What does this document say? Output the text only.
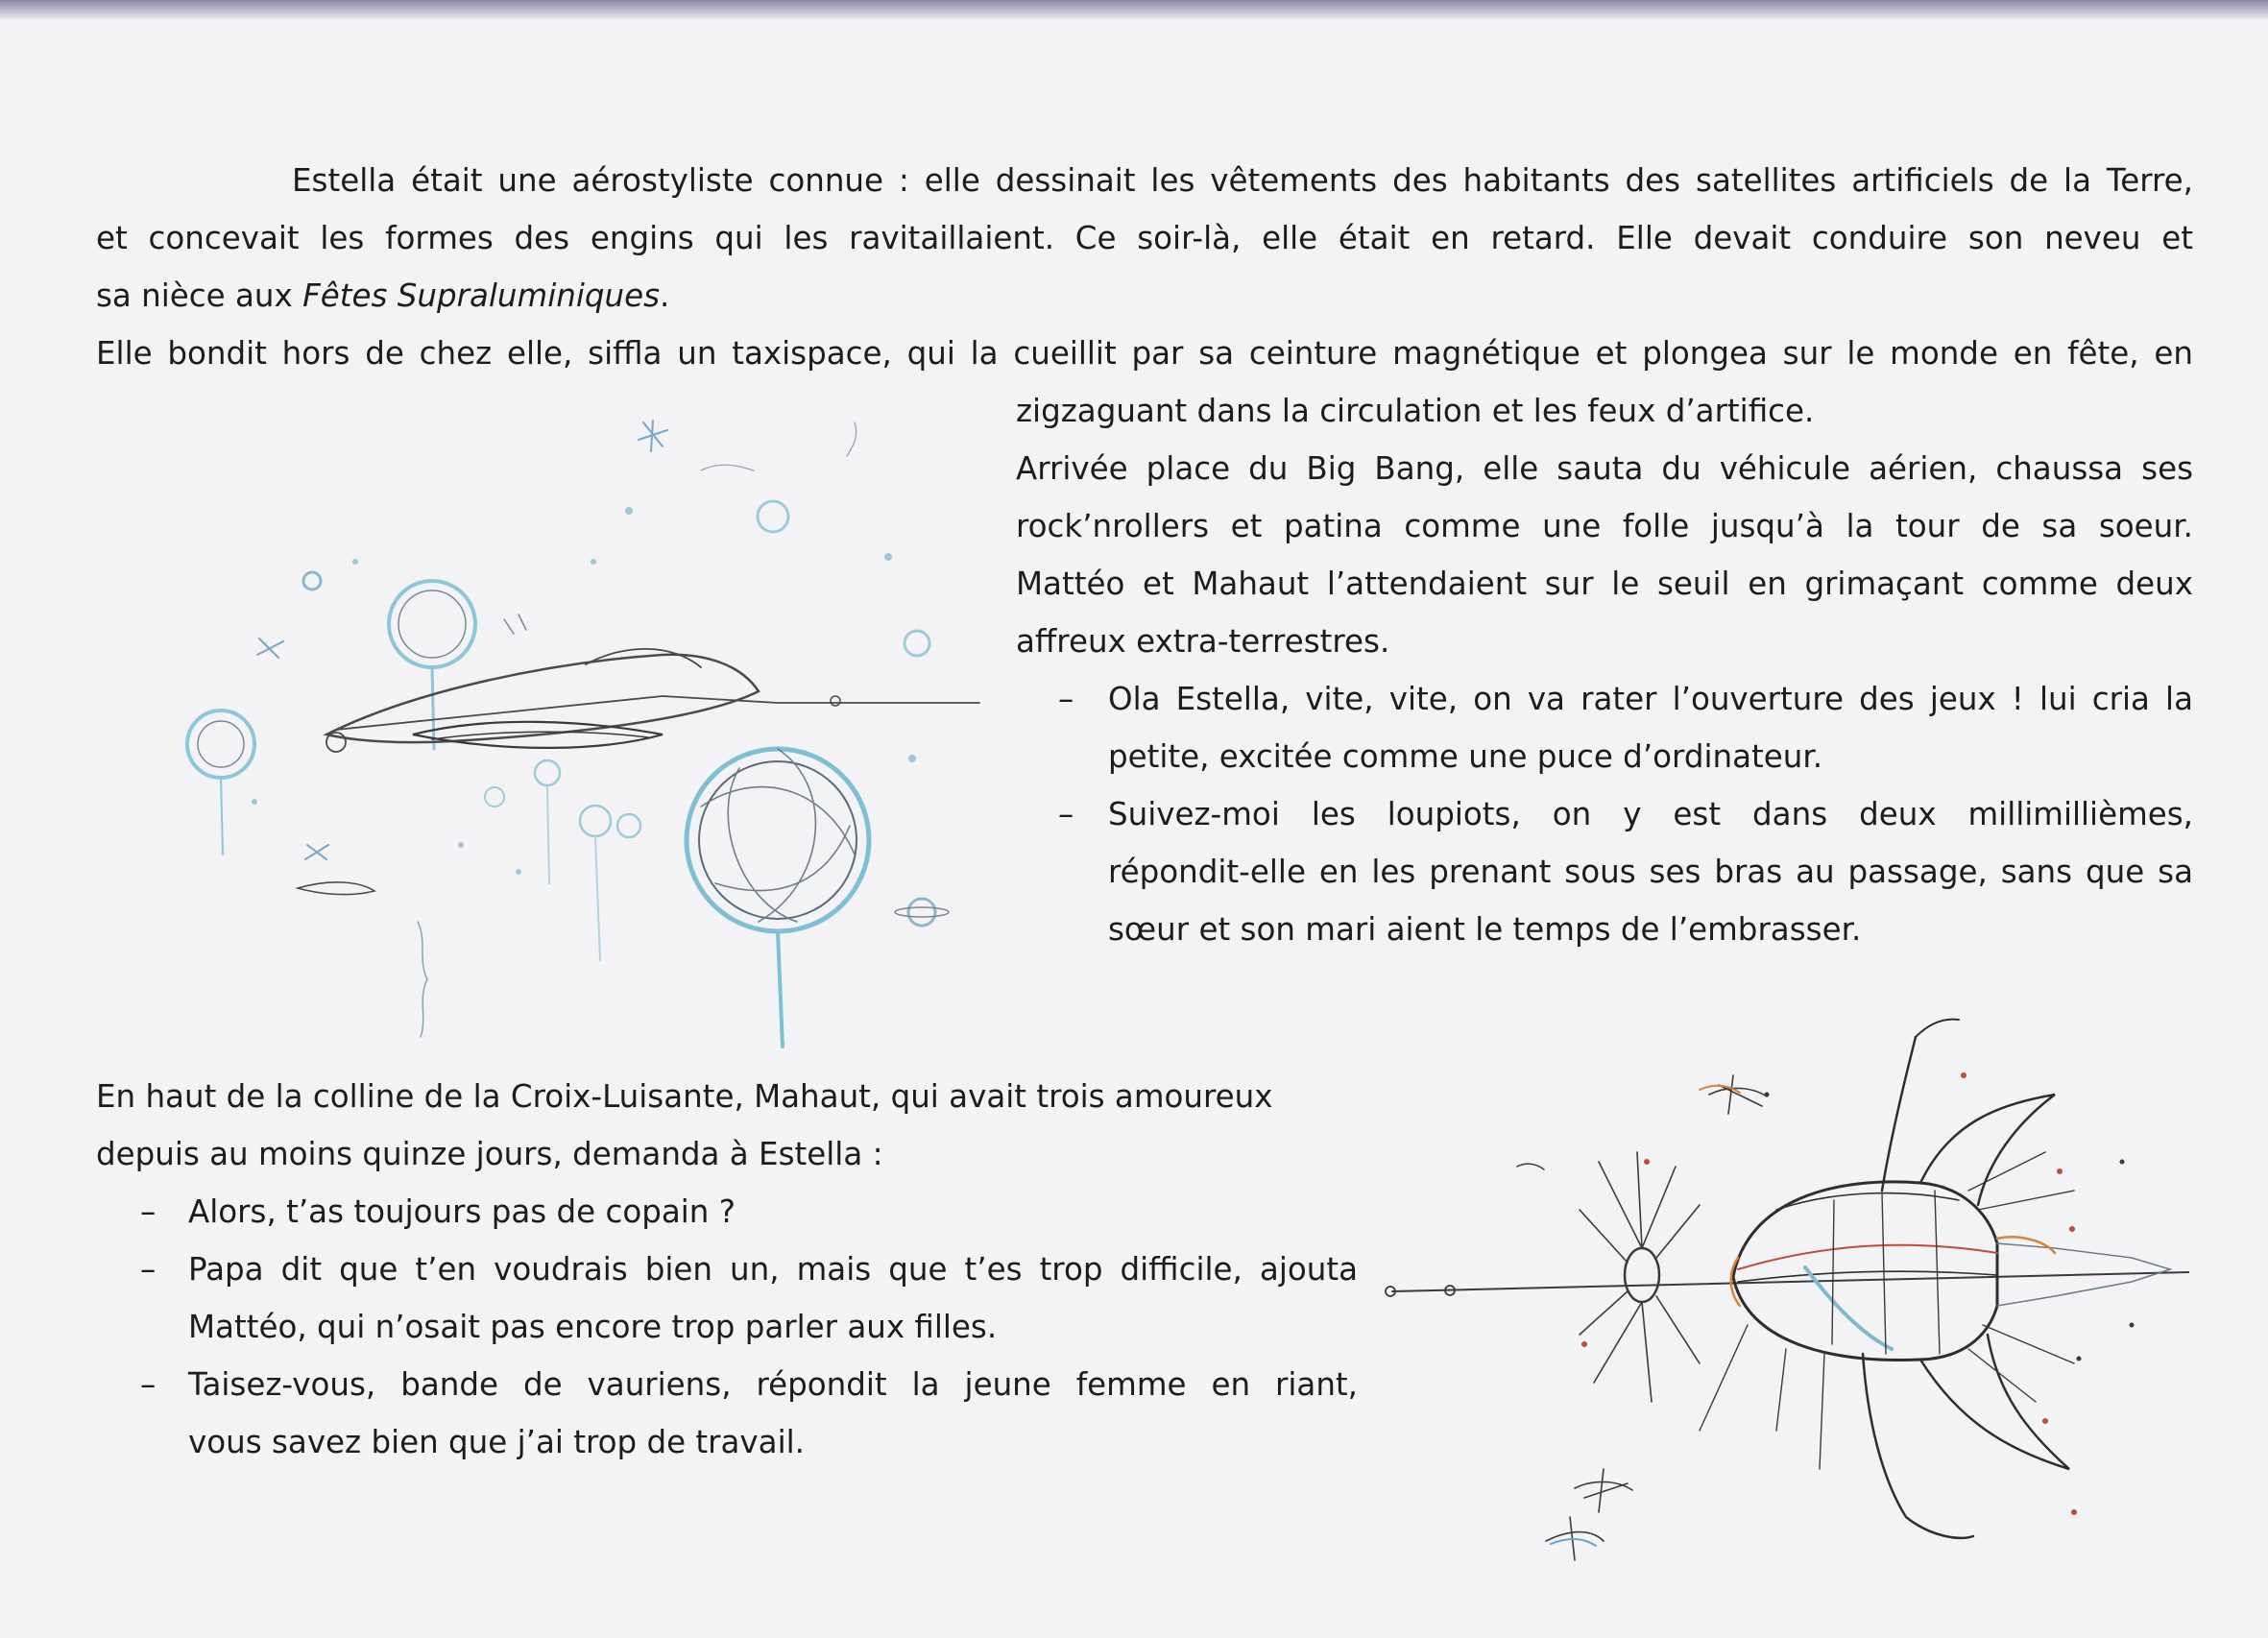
Estella était une aérostyliste connue : elle dessinait les vêtements des habitants des satellites artificiels de la Terre,
et concevait les formes des engins qui les ravitaillaient. Ce soir-là, elle était en retard. Elle devait conduire son neveu et
sa nièce aux Fêtes Supraluminiques.
Elle bondit hors de chez elle, siffla un taxispace, qui la cueillit par sa ceinture magnétique et plongea sur le monde en fête, en
zigzaguant dans la circulation et les feux d’artifice.
Arrivée place du Big Bang, elle sauta du véhicule aérien, chaussa ses
rock’nrollers et patina comme une folle jusqu’à la tour de sa soeur.
Mattéo et Mahaut l’attendaient sur le seuil en grimaçant comme deux
affreux extra-terrestres.
– Ola Estella, vite, vite, on va rater l’ouverture des jeux ! lui cria la
petite, excitée comme une puce d’ordinateur.
– Suivez-moi les loupiots, on y est dans deux millimillièmes,
répondit-elle en les prenant sous ses bras au passage, sans que sa
sœur et son mari aient le temps de l’embrasser.
En haut de la colline de la Croix-Luisante, Mahaut, qui avait trois amoureux
depuis au moins quinze jours, demanda à Estella :
– Alors, t’as toujours pas de copain ?
– Papa dit que t’en voudrais bien un, mais que t’es trop difficile, ajouta
Mattéo, qui n’osait pas encore trop parler aux filles.
– Taisez-vous, bande de vauriens, répondit la jeune femme en riant,
vous savez bien que j’ai trop de travail.
